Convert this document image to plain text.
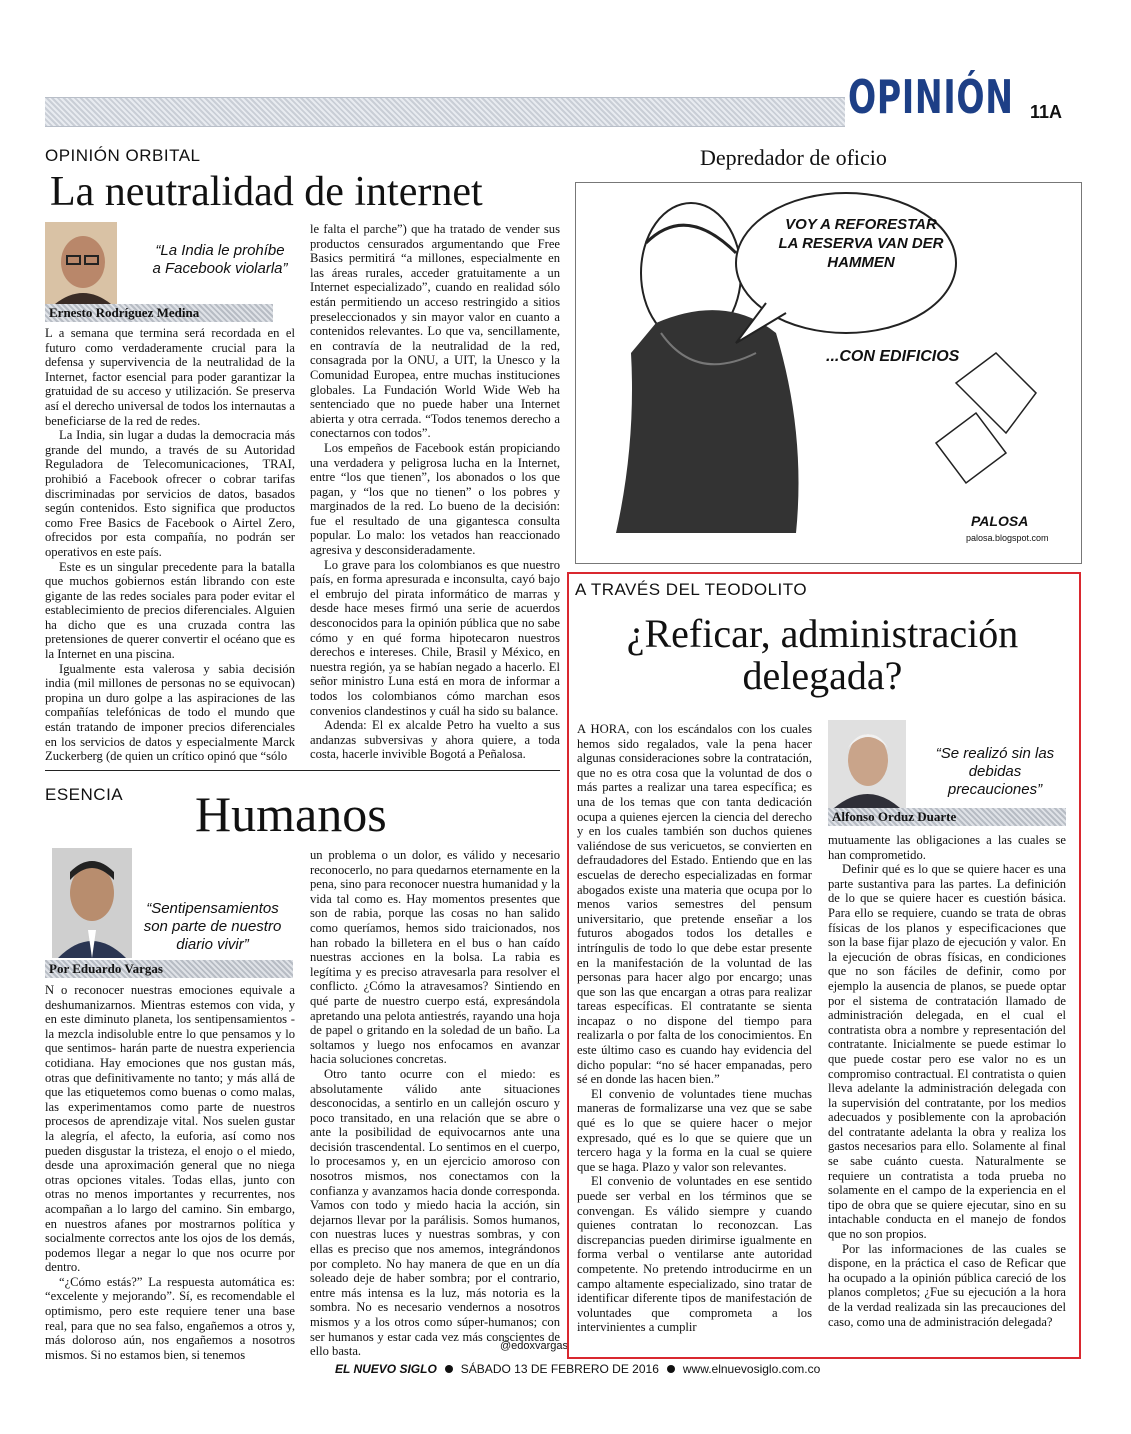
OPINIÓN 11A
OPINIÓN ORBITAL
La neutralidad de internet
“La India le prohíbe a Facebook violarla”
Ernesto Rodríguez Medina

L a semana que termina será recordada en el futuro como verdaderamente crucial para la defensa y supervivencia de la neutralidad de la Internet, factor esencial para poder garantizar la gratuidad de su acceso y utilización. Se preserva así el derecho universal de todos los internautas a beneficiarse de la red de redes.

La India, sin lugar a dudas la democracia más grande del mundo, a través de su Autoridad Reguladora de Telecomunicaciones, TRAI, prohibió a Facebook ofrecer o cobrar tarifas discriminadas por servicios de datos, basados según contenidos. Esto significa que productos como Free Basics de Facebook o Airtel Zero, ofrecidos por esta compañía, no podrán ser operativos en este país.

Este es un singular precedente para la batalla que muchos gobiernos están librando con este gigante de las redes sociales para poder evitar el establecimiento de precios diferenciales. Alguien ha dicho que es una cruzada contra las pretensiones de querer convertir el océano que es la Internet en una piscina.

Igualmente esta valerosa y sabia decisión india (mil millones de personas no se equivocan) propina un duro golpe a las aspiraciones de las compañías telefónicas de todo el mundo que están tratando de imponer precios diferenciales en los servicios de datos y especialmente Marck Zuckerberg (de quien un crítico opinó que “sólo

le falta el parche”) que ha tratado de vender sus productos censurados argumentando que Free Basics permitirá “a millones, especialmente en las áreas rurales, acceder gratuitamente a un Internet especializado”, cuando en realidad sólo están permitiendo un acceso restringido a sitios preseleccionados y sin mayor valor en cuanto a contenidos relevantes. Lo que va, sencillamente, en contravía de la neutralidad de la red, consagrada por la ONU, a UIT, la Unesco y la Comunidad Europea, entre muchas instituciones globales. La Fundación World Wide Web ha sentenciado que no puede haber una Internet abierta y otra cerrada. “Todos tenemos derecho a conectarnos con todos”.

Los empeños de Facebook están propiciando una verdadera y peligrosa lucha en la Internet, entre “los que tienen”, los abonados o los que pagan, y “los que no tienen” o los pobres y marginados de la red. Lo bueno de la decisión: fue el resultado de una gigantesca consulta popular. Lo malo: los vetados han reaccionado agresiva y desconsideradamente.

Lo grave para los colombianos es que nuestro país, en forma apresurada e inconsulta, cayó bajo el embrujo del pirata informático de marras y desde hace meses firmó una serie de acuerdos desconocidos para la opinión pública que no sabe cómo y en qué forma hipotecaron nuestros derechos e intereses. Chile, Brasil y México, en nuestra región, ya se habían negado a hacerlo. El señor ministro Luna está en mora de informar a todos los colombianos cómo marchan esos convenios clandestinos y cuál ha sido su balance.

Adenda: El ex alcalde Petro ha vuelto a sus andanzas subversivas y ahora quiere, a toda costa, hacerle invivible Bogotá a Peñalosa.

Depredador de oficio
VOY A REFORESTAR LA RESERVA VAN DER HAMMEN
...CON EDIFICIOS
PALOSA
palosa.blogspot.com
ESENCIA Humanos
“Sentipensamientos son parte de nuestro diario vivir”
Por Eduardo Vargas

N o reconocer nuestras emociones equivale a deshumanizarnos. Mientras estemos con vida, y en este diminuto planeta, los sentipensamientos -la mezcla indisoluble entre lo que pensamos y lo que sentimos- harán parte de nuestra experiencia cotidiana. Hay emociones que nos gustan más, otras que definitivamente no tanto; y más allá de que las etiquetemos como buenas o como malas, las experimentamos como parte de nuestros procesos de aprendizaje vital. Nos suelen gustar la alegría, el afecto, la euforia, así como nos pueden disgustar la tristeza, el enojo o el miedo, desde una aproximación general que no niega otras opciones vitales. Todas ellas, junto con otras no menos importantes y recurrentes, nos acompañan a lo largo del camino. Sin embargo, en nuestros afanes por mostrarnos política y socialmente correctos ante los ojos de los demás, podemos llegar a negar lo que nos ocurre por dentro.

“¿Cómo estás?” La respuesta automática es: “excelente y mejorando”. Sí, es recomendable el optimismo, pero este requiere tener una base real, para que no sea falso, engañemos a otros y, más doloroso aún, nos engañemos a nosotros mismos. Si no estamos bien, si tenemos

un problema o un dolor, es válido y necesario reconocerlo, no para quedarnos eternamente en la pena, sino para reconocer nuestra humanidad y la vida tal como es. Hay momentos presentes que son de rabia, porque las cosas no han salido como queríamos, hemos sido traicionados, nos han robado la billetera en el bus o han caído nuestras acciones en la bolsa. La rabia es legítima y es preciso atravesarla para resolver el conflicto. ¿Cómo la atravesamos? Sintiendo en qué parte de nuestro cuerpo está, expresándola apretando una pelota antiestrés, rayando una hoja de papel o gritando en la soledad de un baño. La soltamos y luego nos enfocamos en avanzar hacia soluciones concretas.

Otro tanto ocurre con el miedo: es absolutamente válido ante situaciones desconocidas, a sentirlo en un callejón oscuro y poco transitado, en una relación que se abre o ante la posibilidad de equivocarnos ante una decisión trascendental. Lo sentimos en el cuerpo, lo procesamos y, en un ejercicio amoroso con nosotros mismos, nos conectamos con la confianza y avanzamos hacia donde corresponda. Vamos con todo y miedo hacia la acción, sin dejarnos llevar por la parálisis. Somos humanos, con nuestras luces y nuestras sombras, y con ellas es preciso que nos amemos, integrándonos por completo. No hay manera de que en un día soleado deje de haber sombra; por el contrario, entre más intensa es la luz, más notoria es la sombra. No es necesario vendernos a nosotros mismos y a los otros como súper-humanos; con ser humanos y estar cada vez más conscientes de ello basta.	@edoxvargas
A TRAVÉS DEL TEODOLITO
¿Reficar, administración
delegada?
“Se realizó sin las debidas precauciones”
Alfonso Orduz Duarte

A HORA, con los escándalos con los cuales hemos sido regalados, vale la pena hacer algunas consideraciones sobre la contratación, que no es otra cosa que la voluntad de dos o más partes a realizar una tarea específica; es una de los temas que con tanta dedicación ocupa a quienes ejercen la ciencia del derecho y en los cuales también son duchos quienes valiéndose de sus vericuetos, se convierten en defraudadores del Estado. Entiendo que en las escuelas de derecho especializadas en formar abogados existe una materia que ocupa por lo menos varios semestres del pensum universitario, que pretende enseñar a los futuros abogados todos los detalles e intríngulis de todo lo que debe estar presente en la manifestación de la voluntad de las personas para hacer algo por encargo; unas que son las que encargan a otras para realizar tareas específicas. El contratante se sienta incapaz o no dispone del tiempo para realizarla o por falta de los conocimientos. En este último caso es cuando hay evidencia del dicho popular: “no sé hacer empanadas, pero sé en donde las hacen bien.”

El convenio de voluntades tiene muchas maneras de formalizarse una vez que se sabe qué es lo que se quiere hacer o mejor expresado, qué es lo que se quiere que un tercero haga y la forma en la cual se quiere que se haga. Plazo y valor son relevantes.

El convenio de voluntades en ese sentido puede ser verbal en los términos que se convengan. Es válido siempre y cuando quienes contratan lo reconozcan. Las discrepancias pueden dirimirse igualmente en forma verbal o ventilarse ante autoridad competente. No pretendo introducirme en un campo altamente especializado, sino tratar de identificar diferente tipos de manifestación de voluntades que comprometa a los intervinientes a cumplir

mutuamente las obligaciones a las cuales se han comprometido.

Definir qué es lo que se quiere hacer es una parte sustantiva para las partes. La definición de lo que se quiere hacer es cuestión básica. Para ello se requiere, cuando se trata de obras físicas de los planos y especificaciones que son la base fijar plazo de ejecución y valor. En la ejecución de obras físicas, en condiciones que no son fáciles de definir, como por ejemplo la ausencia de planos, se puede optar por el sistema de contratación llamado de administración delegada, en el cual el contratista obra a nombre y representación del contratante. Inicialmente se puede estimar lo que puede costar pero ese valor no es un compromiso contractual. El contratista o quien lleva adelante la administración delegada con la supervisión del contratante, por los medios adecuados y posiblemente con la aprobación del contratante adelanta la obra y realiza los gastos necesarios para ello. Solamente al final se sabe cuánto cuesta. Naturalmente se requiere un contratista a toda prueba no solamente en el campo de la experiencia en el tipo de obra que se quiere ejecutar, sino en su intachable conducta en el manejo de fondos que no son propios.

Por las informaciones de las cuales se dispone, en la práctica el caso de Reficar que ha ocupado a la opinión pública careció de los planos completos; ¿Fue su ejecución a la hora de la verdad realizada sin las precauciones del caso, como una de administración delegada?

EL NUEVO SIGLO SÁBADO 13 DE FEBRERO DE 2016 www.elnuevosiglo.com.co
